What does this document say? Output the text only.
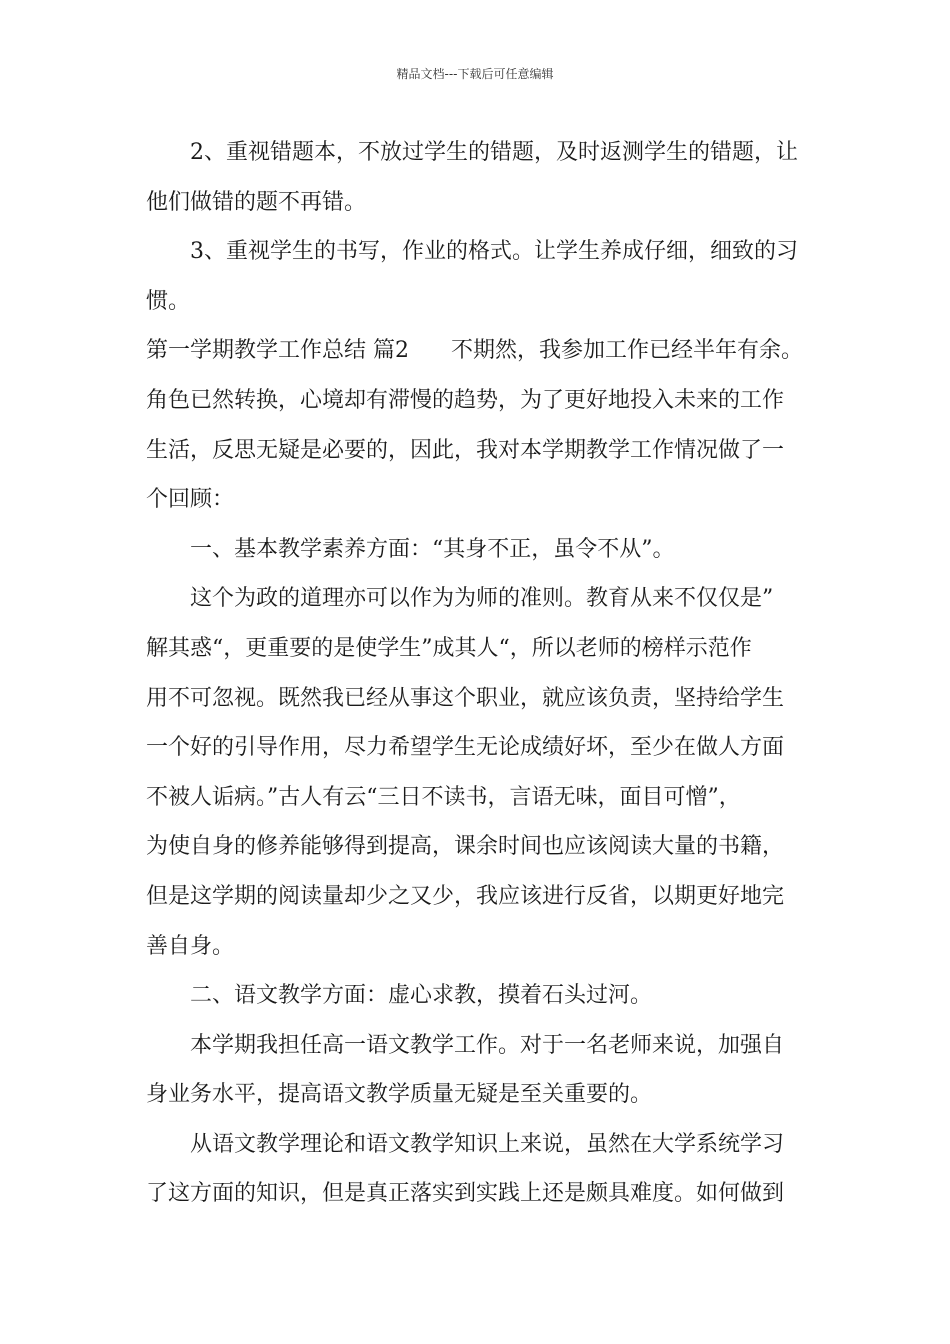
精品文档---下载后可任意编辑
2、重视错题本，不放过学生的错题，及时返测学生的错题，让
他们做错的题不再错。
3、重视学生的书写，作业的格式。让学生养成仔细，细致的习
惯。
第一学期教学工作总结 篇2 不期然，我参加工作已经半年有余。
角色已然转换，心境却有滞慢的趋势，为了更好地投入未来的工作
生活，反思无疑是必要的，因此，我对本学期教学工作情况做了一
个回顾：
一、基本教学素养方面：“其身不正，虽令不从”。
这个为政的道理亦可以作为为师的准则。教育从来不仅仅是”
解其惑“，更重要的是使学生”成其人“，所以老师的榜样示范作
用不可忽视。既然我已经从事这个职业，就应该负责，坚持给学生
一个好的引导作用，尽力希望学生无论成绩好坏，至少在做人方面
不被人诟病。”古人有云“三日不读书，言语无味，面目可憎”，
为使自身的修养能够得到提高，课余时间也应该阅读大量的书籍，
但是这学期的阅读量却少之又少，我应该进行反省，以期更好地完
善自身。
二、语文教学方面：虚心求教，摸着石头过河。
本学期我担任高一语文教学工作。对于一名老师来说，加强自
身业务水平，提高语文教学质量无疑是至关重要的。
从语文教学理论和语文教学知识上来说，虽然在大学系统学习
了这方面的知识，但是真正落实到实践上还是颇具难度。如何做到
